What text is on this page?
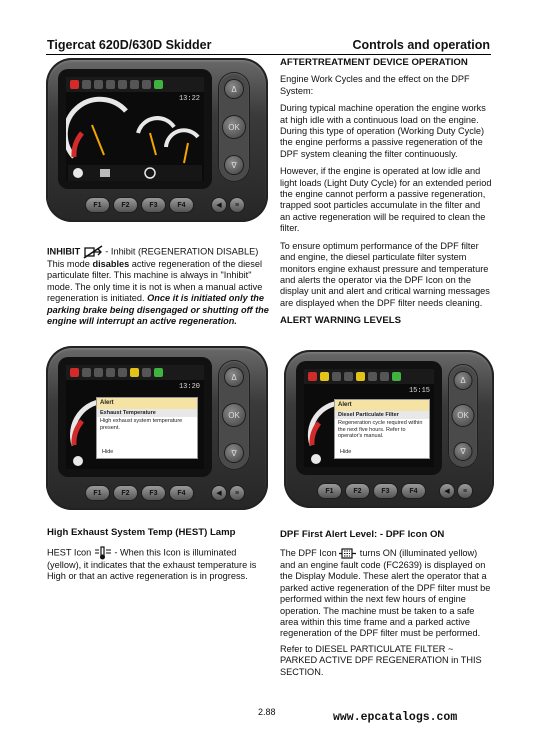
Tigercat 620D/630D Skidder	Controls and operation
13:22
Δ
OK
∇
F1	F2	F3	F4	◀	≡
INHIBIT  - Inhibit (REGENERATION DISABLE) This mode disables active regeneration of the diesel particulate filter. This machine is always in "Inhibit" mode. The only time it is not is when a manual active regeneration is initiated. Once it is initiated only the parking brake being disengaged or shutting off the engine will interrupt an active regeneration.
13:20
Alert
Exhaust Temperature
High exhaust system temperature present.
Hide
Δ
OK
∇
F1	F2	F3	F4	◀	≡
High Exhaust System Temp (HEST) Lamp
HEST Icon  - When this Icon is illuminated (yellow), it indicates that the exhaust temperature is High or that an active regeneration is in progress.
AFTERTREATMENT DEVICE OPERATION

Engine Work Cycles and the effect on the DPF System:

During typical machine operation the engine works at high idle with a continuous load on the engine. During this type of operation (Working Duty Cycle) the engine performs a passive regeneration of the DPF system cleaning the filter continuously.

However, if the engine is operated at low idle and light loads (Light Duty Cycle) for an extended period the engine cannot perform a passive regeneration, trapped soot particles accumulate in the filter and an active regeneration will be required to clean the filter.

To ensure optimum performance of the DPF filter and engine, the diesel particulate filter system monitors engine exhaust pressure and temperature and alerts the operator via the DPF Icon on the display unit and alert and critical warning messages are displayed when the DPF filter needs cleaning.

ALERT WARNING LEVELS
15:15
Alert
Diesel Particulate Filter
Regeneration cycle required within the next five hours. Refer to operator's manual.
Hide
Δ
OK
∇
F1	F2	F3	F4	◀	≡
DPF First Alert Level: - DPF Icon ON

The DPF Icon  turns ON (illuminated yellow) and an engine fault code (FC2639) is displayed on the Display Module. These alert the operator that a parked active regeneration of the DPF filter must be performed within the next few hours of engine operation. The machine must be taken to a safe area within this time frame and a parked active regeneration of the DPF filter must be performed.

Refer to DIESEL PARTICULATE FILTER ~ PARKED ACTIVE DPF REGENERATION in THIS SECTION.

2.88	www.epcatalogs.com
